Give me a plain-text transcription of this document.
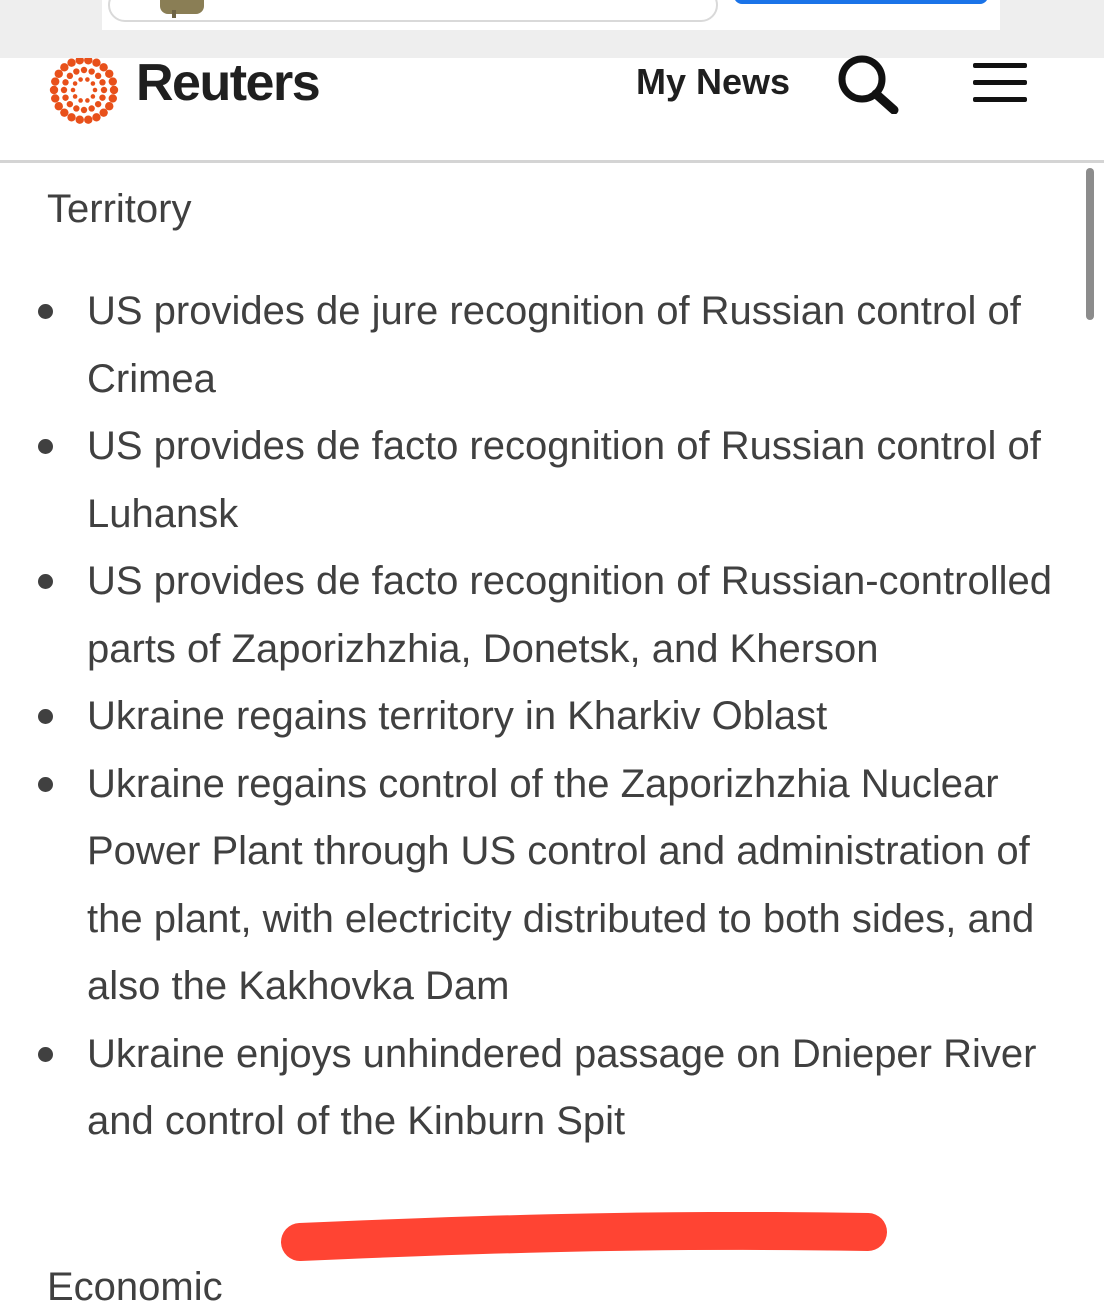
Reuters	My News
Territory
US provides de jure recognition of Russian control of Crimea
US provides de facto recognition of Russian control of Luhansk
US provides de facto recognition of Russian-controlled parts of Zaporizhzhia, Donetsk, and Kherson
Ukraine regains territory in Kharkiv Oblast
Ukraine regains control of the Zaporizhzhia Nuclear Power Plant through US control and administration of the plant, with electricity distributed to both sides, and also the Kakhovka Dam
Ukraine enjoys unhindered passage on Dnieper River and control of the Kinburn Spit
Economic
